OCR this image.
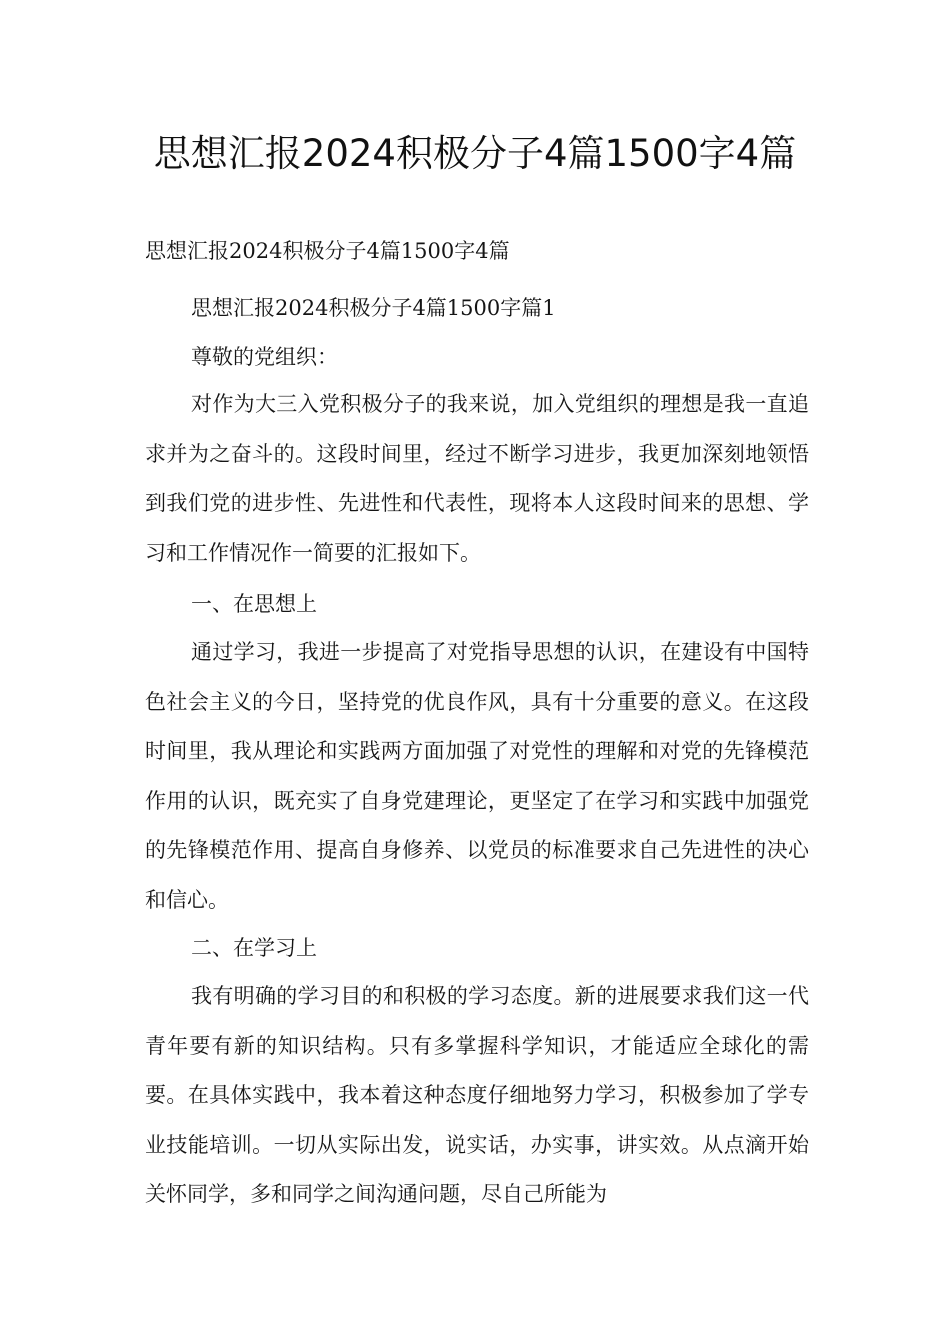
思想汇报2024积极分子4篇1500字4篇

思想汇报2024积极分子4篇1500字4篇

思想汇报2024积极分子4篇1500字篇1

尊敬的党组织：

对作为大三入党积极分子的我来说，加入党组织的理想是我一直追求并为之奋斗的。这段时间里，经过不断学习进步，我更加深刻地领悟到我们党的进步性、先进性和代表性，现将本人这段时间来的思想、学习和工作情况作一简要的汇报如下。

一、在思想上

通过学习，我进一步提高了对党指导思想的认识，在建设有中国特色社会主义的今日，坚持党的优良作风，具有十分重要的意义。在这段时间里，我从理论和实践两方面加强了对党性的理解和对党的先锋模范作用的认识，既充实了自身党建理论，更坚定了在学习和实践中加强党的先锋模范作用、提高自身修养、以党员的标准要求自己先进性的决心和信心。

二、在学习上

我有明确的学习目的和积极的学习态度。新的进展要求我们这一代青年要有新的知识结构。只有多掌握科学知识，才能适应全球化的需要。在具体实践中，我本着这种态度仔细地努力学习，积极参加了学专业技能培训。一切从实际出发，说实话，办实事，讲实效。从点滴开始关怀同学，多和同学之间沟通问题，尽自己所能为
